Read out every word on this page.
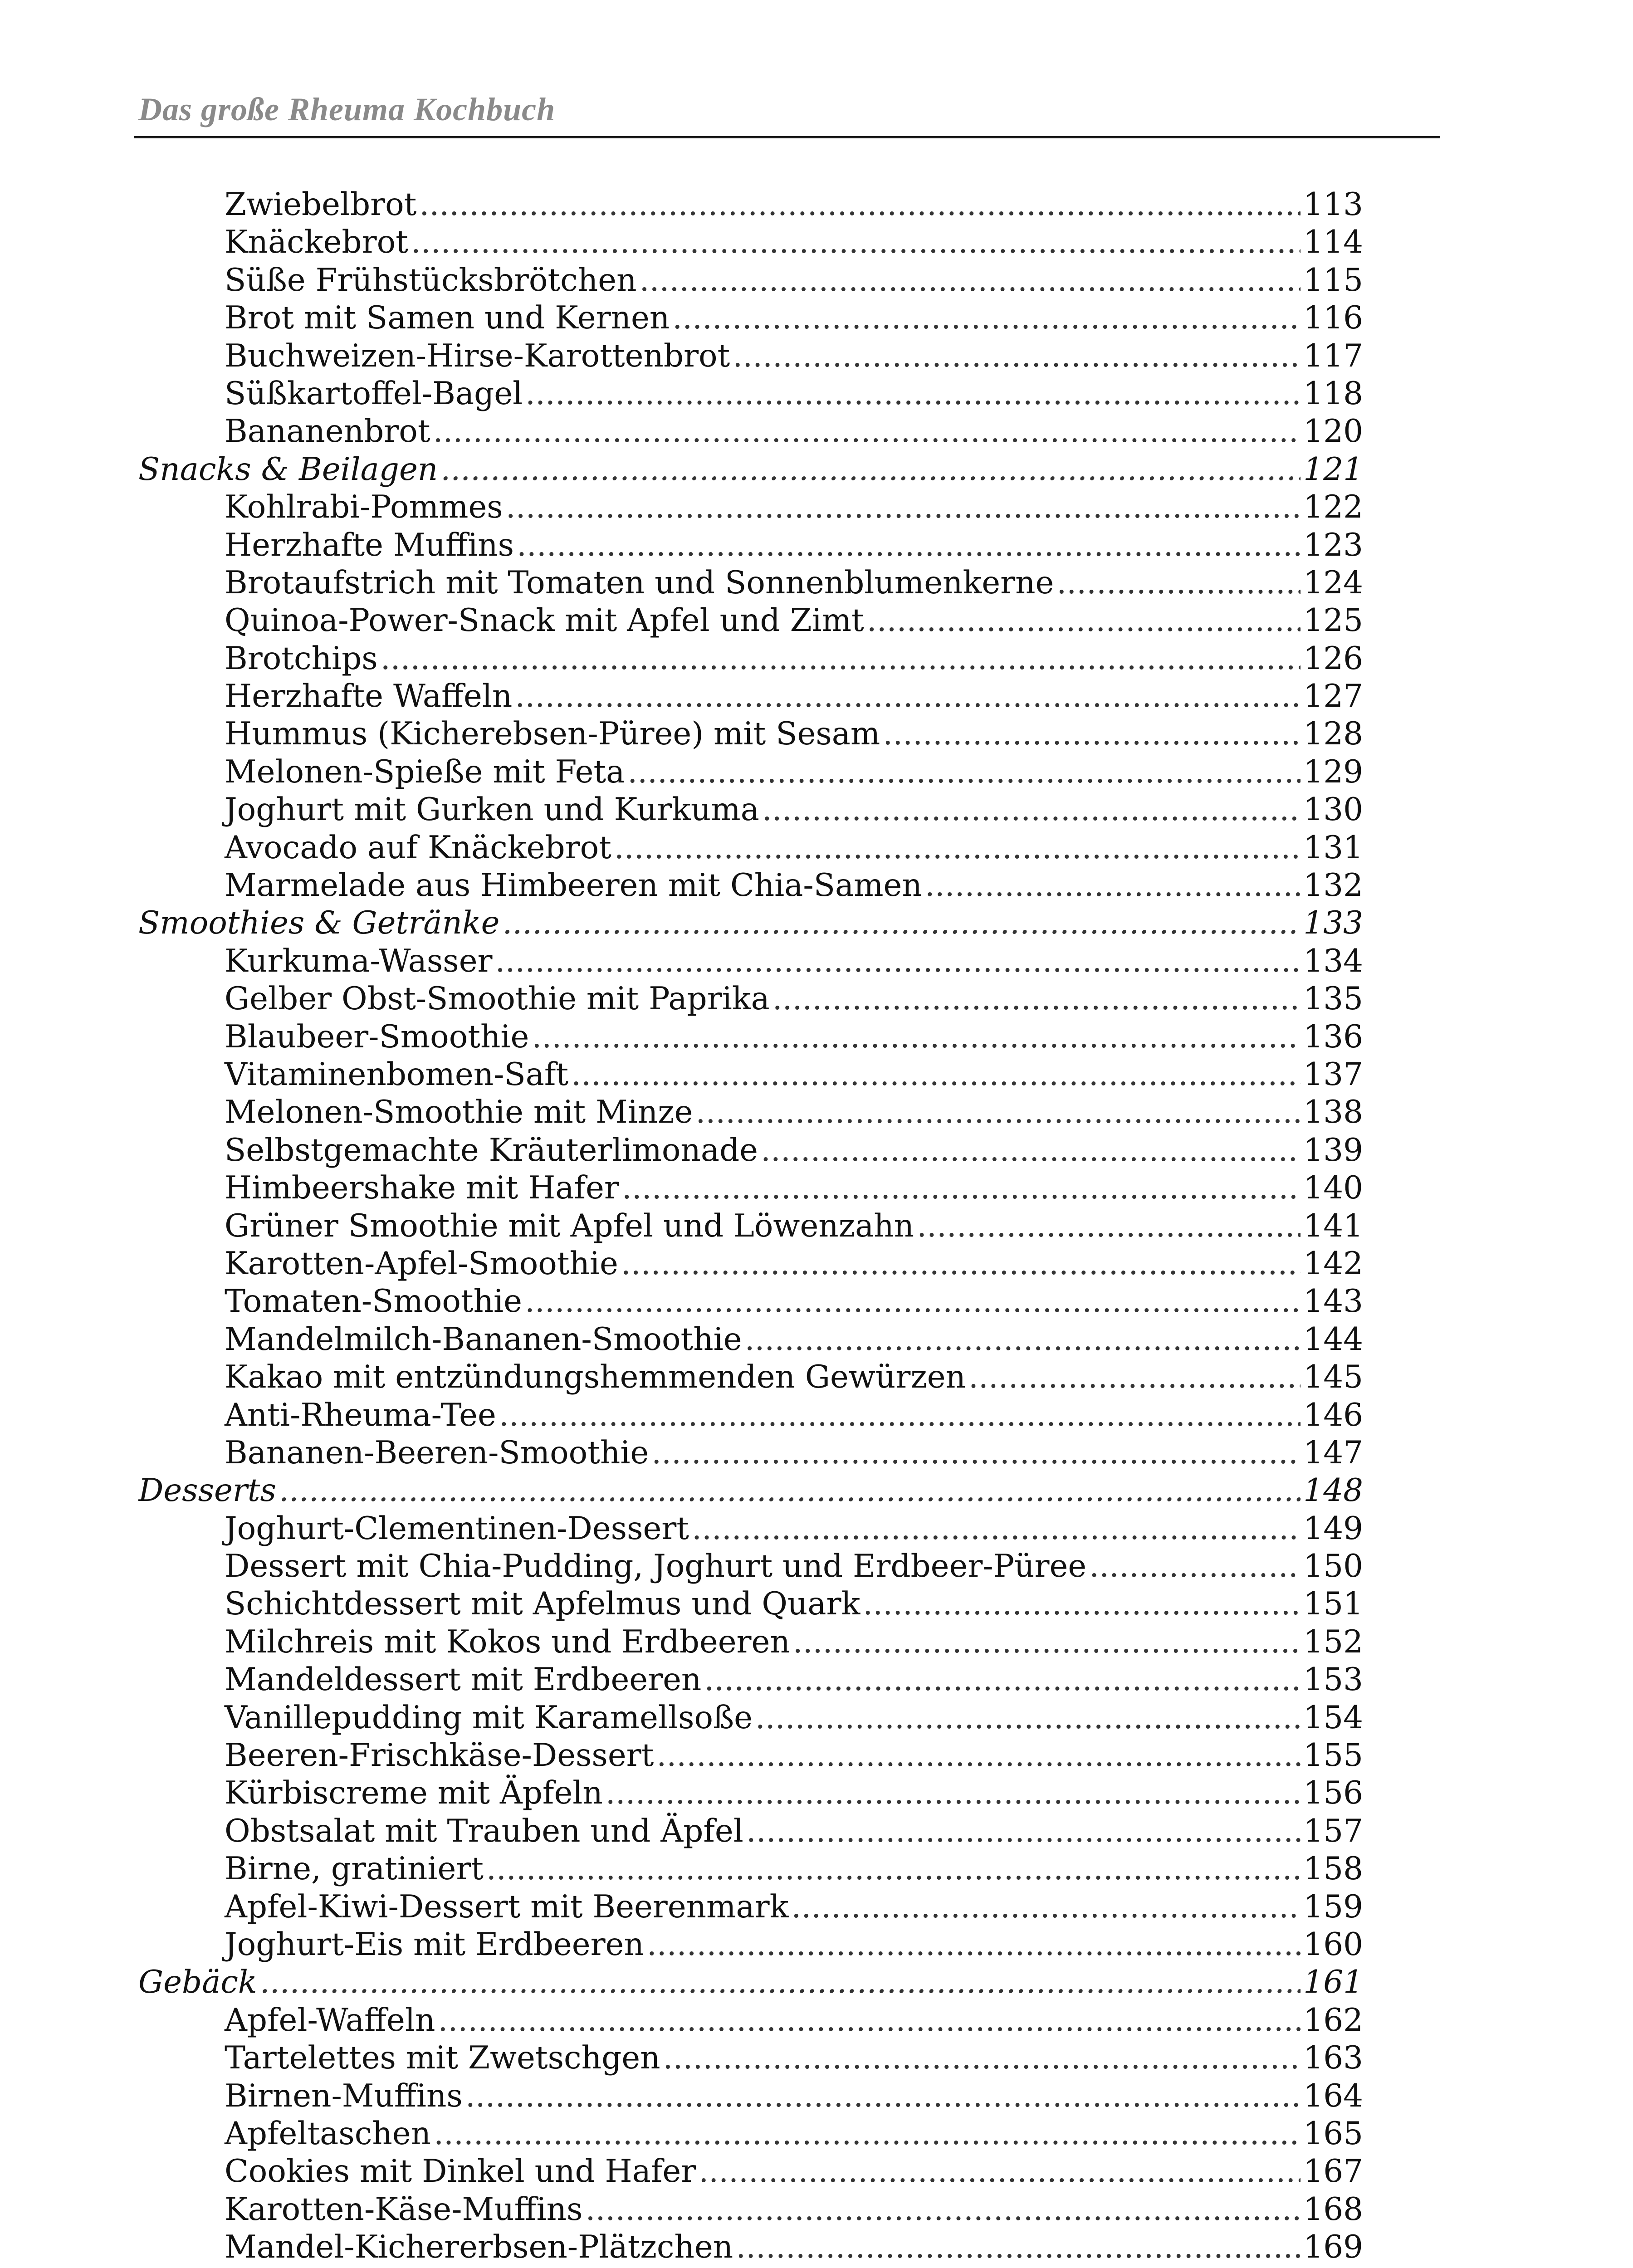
Das große Rheuma Kochbuch
Zwiebelbrot .....	113
Knäckebrot .....	114
Süße Frühstücksbrötchen .....	115
Brot mit Samen und Kernen .....	116
Buchweizen-Hirse-Karottenbrot .....	117
Süßkartoffel-Bagel .....	118
Bananenbrot .....	120
Snacks & Beilagen .....	121
Kohlrabi-Pommes .....	122
Herzhafte Muffins .....	123
Brotaufstrich mit Tomaten und Sonnenblumenkerne .....	124
Quinoa-Power-Snack mit Apfel und Zimt .....	125
Brotchips .....	126
Herzhafte Waffeln .....	127
Hummus (Kicherebsen-Püree) mit Sesam .....	128
Melonen-Spieße mit Feta .....	129
Joghurt mit Gurken und Kurkuma .....	130
Avocado auf Knäckebrot .....	131
Marmelade aus Himbeeren mit Chia-Samen .....	132
Smoothies & Getränke .....	133
Kurkuma-Wasser .....	134
Gelber Obst-Smoothie mit Paprika .....	135
Blaubeer-Smoothie .....	136
Vitaminenbomen-Saft .....	137
Melonen-Smoothie mit Minze .....	138
Selbstgemachte Kräuterlimonade .....	139
Himbeershake mit Hafer .....	140
Grüner Smoothie mit Apfel und Löwenzahn .....	141
Karotten-Apfel-Smoothie .....	142
Tomaten-Smoothie .....	143
Mandelmilch-Bananen-Smoothie .....	144
Kakao mit entzündungshemmenden Gewürzen .....	145
Anti-Rheuma-Tee .....	146
Bananen-Beeren-Smoothie .....	147
Desserts .....	148
Joghurt-Clementinen-Dessert .....	149
Dessert mit Chia-Pudding, Joghurt und Erdbeer-Püree .....	150
Schichtdessert mit Apfelmus und Quark .....	151
Milchreis mit Kokos und Erdbeeren .....	152
Mandeldessert mit Erdbeeren .....	153
Vanillepudding mit Karamellsoße .....	154
Beeren-Frischkäse-Dessert .....	155
Kürbiscreme mit Äpfeln .....	156
Obstsalat mit Trauben und Äpfel .....	157
Birne, gratiniert .....	158
Apfel-Kiwi-Dessert mit Beerenmark .....	159
Joghurt-Eis mit Erdbeeren .....	160
Gebäck .....	161
Apfel-Waffeln .....	162
Tartelettes mit Zwetschgen .....	163
Birnen-Muffins .....	164
Apfeltaschen .....	165
Cookies mit Dinkel und Hafer .....	167
Karotten-Käse-Muffins .....	168
Mandel-Kichererbsen-Plätzchen .....	169
